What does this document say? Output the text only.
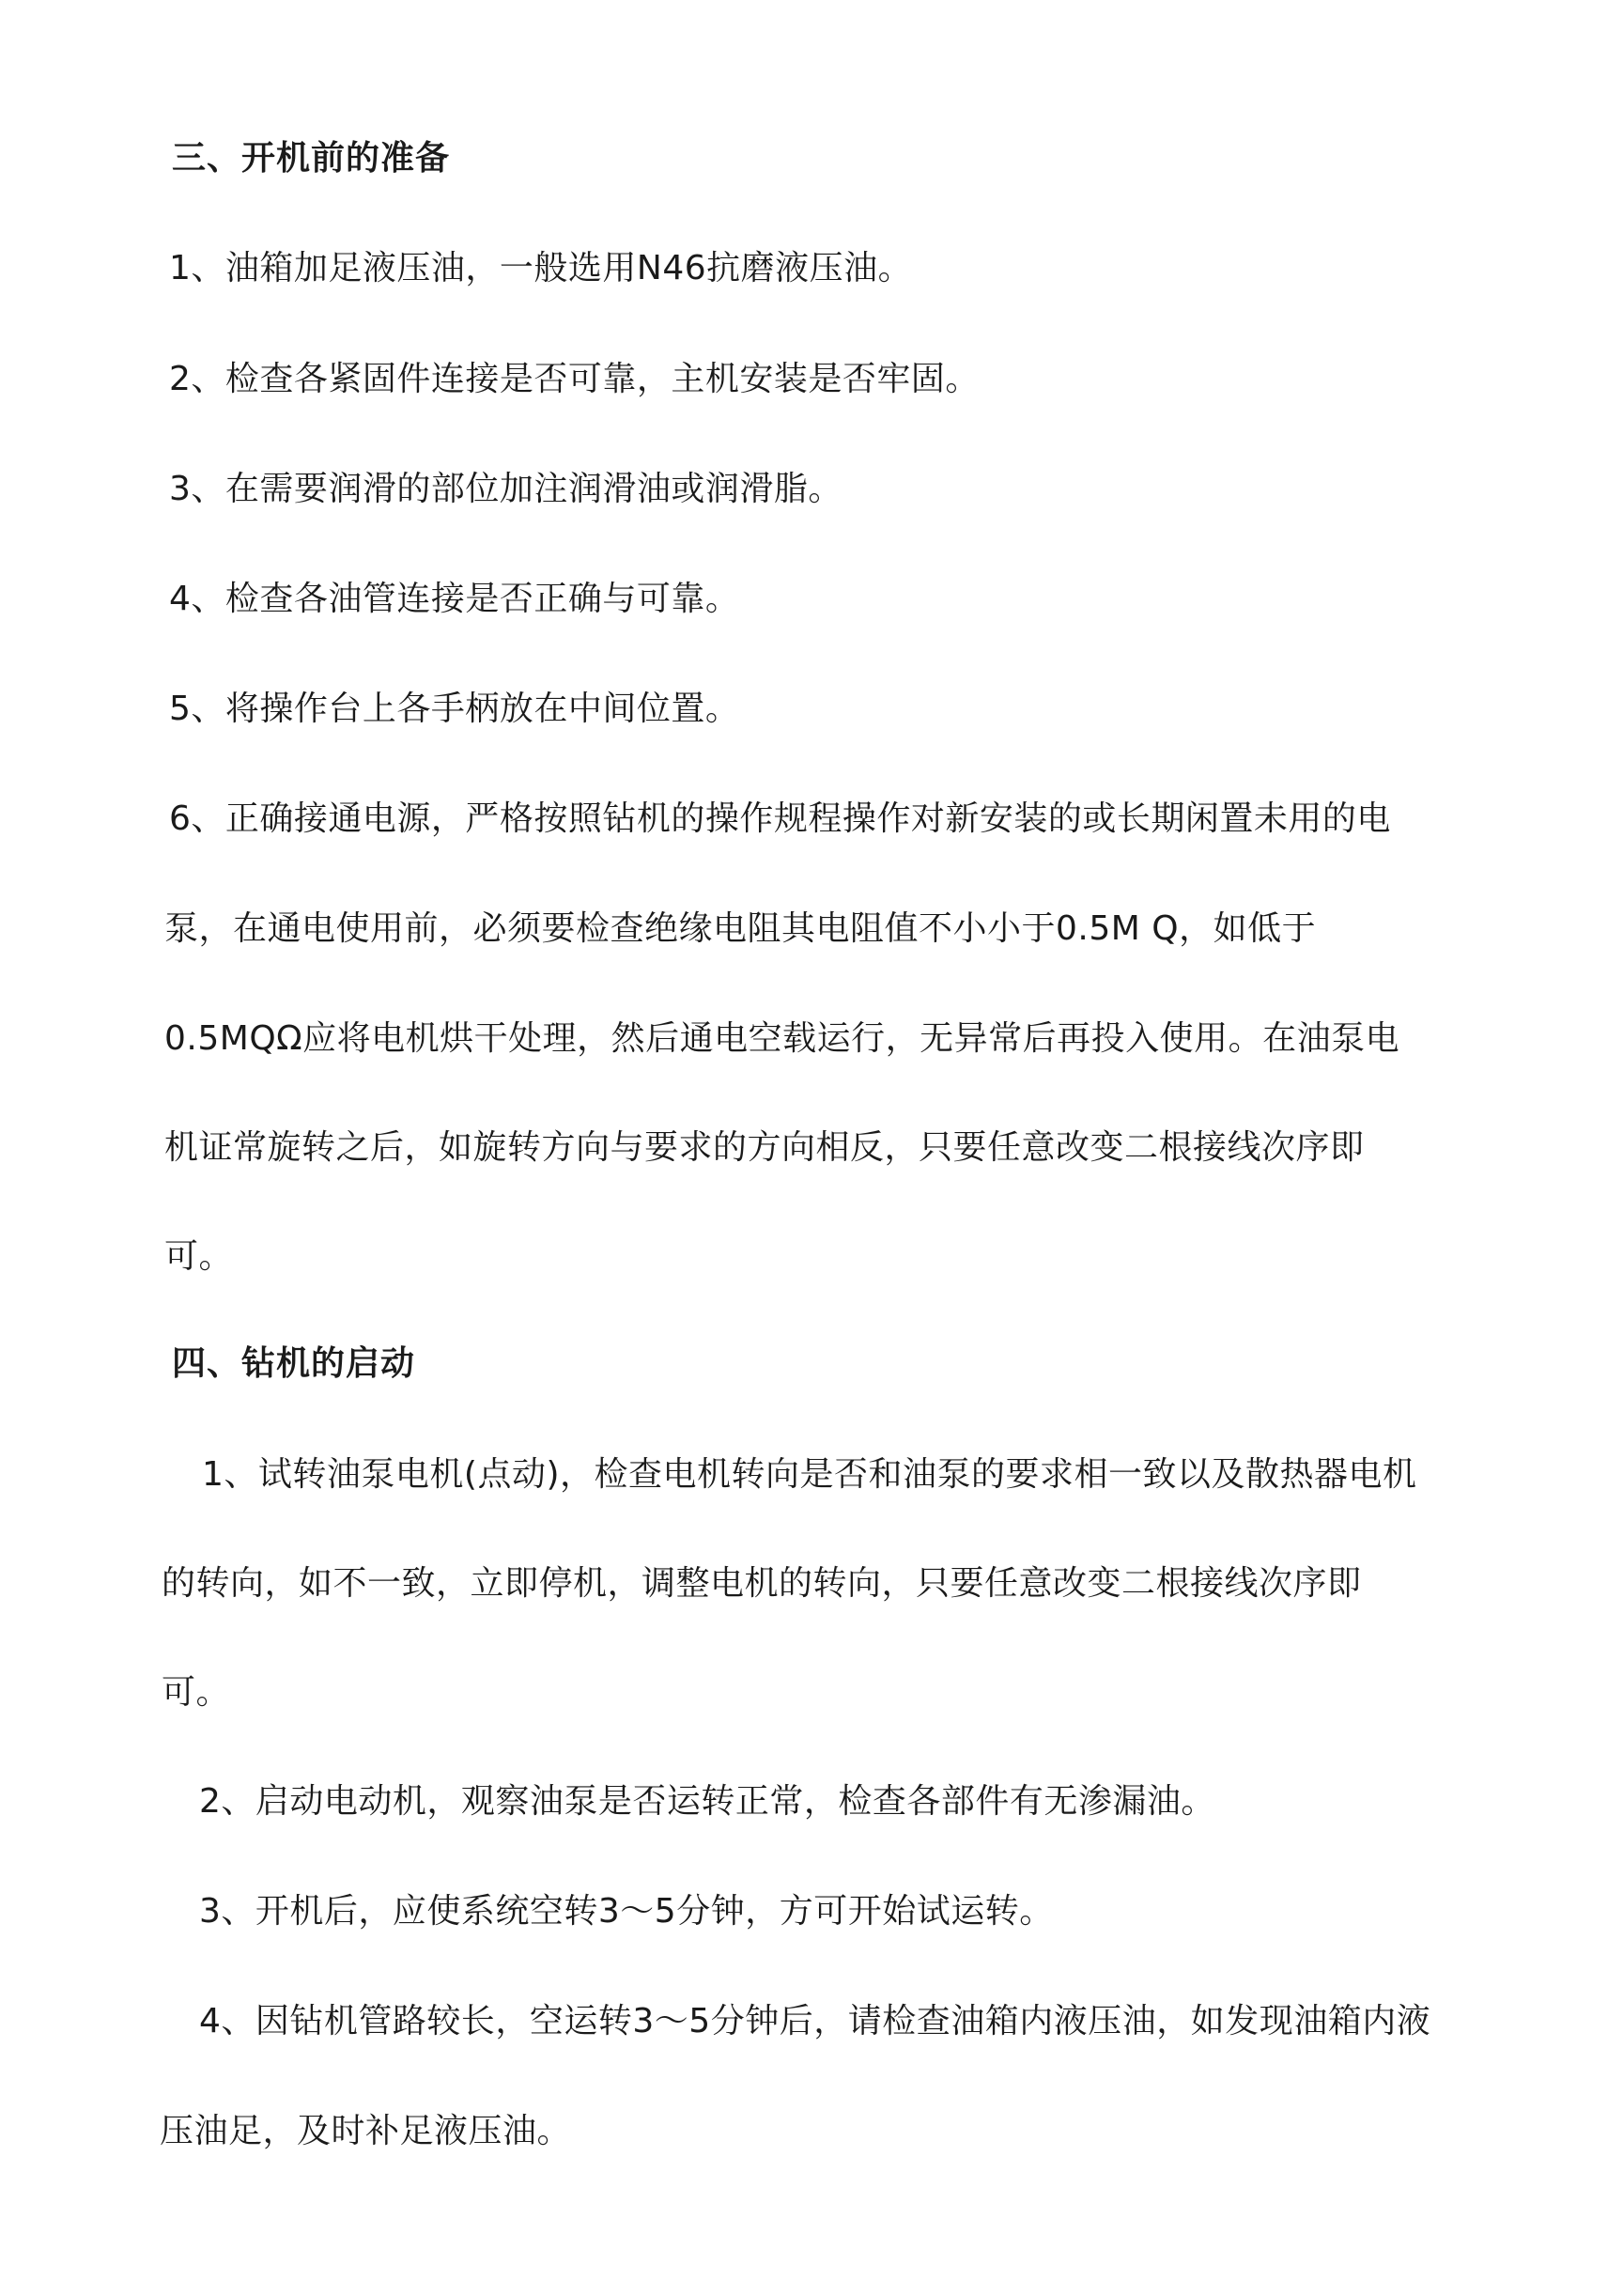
三、开机前的准备
1、油箱加足液压油，一般选用N46抗磨液压油。
2、检查各紧固件连接是否可靠，主机安装是否牢固。
3、在需要润滑的部位加注润滑油或润滑脂。
4、检查各油管连接是否正确与可靠。
5、将操作台上各手柄放在中间位置。
6、正确接通电源，严格按照钻机的操作规程操作对新安装的或长期闲置未用的电
泵，在通电使用前，必须要检查绝缘电阻其电阻值不小小于0.5M Q，如低于
0.5MQΩ应将电机烘干处理，然后通电空载运行，无异常后再投入使用。在油泵电
机证常旋转之后，如旋转方向与要求的方向相反，只要任意改变二根接线次序即
可。
四、钻机的启动
1、试转油泵电机(点动)，检查电机转向是否和油泵的要求相一致以及散热器电机
的转向，如不一致，立即停机，调整电机的转向，只要任意改变二根接线次序即
可。
2、启动电动机，观察油泵是否运转正常，检查各部件有无渗漏油。
3、开机后，应使系统空转3～5分钟，方可开始试运转。
4、因钻机管路较长，空运转3～5分钟后，请检查油箱内液压油，如发现油箱内液
压油足，及时补足液压油。
